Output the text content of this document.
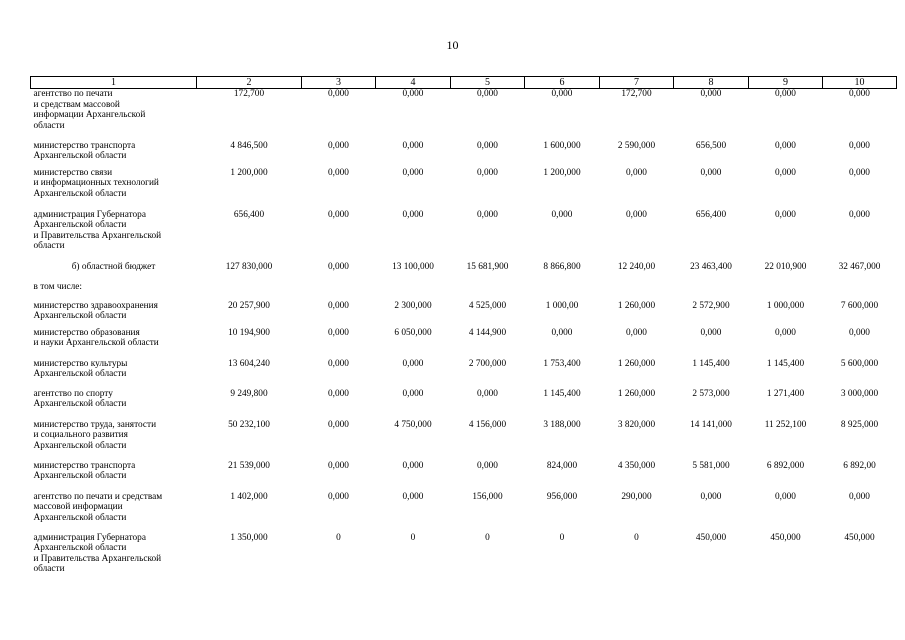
10
1	2	3	4	5	6	7	8	9	10

агентство по печати
и средствам массовой
информации Архангельской
области	172,700	0,000	0,000	0,000	0,000	172,700	0,000	0,000	0,000

министерство транспорта
Архангельской области	4 846,500	0,000	0,000	0,000	1 600,000	2 590,000	656,500	0,000	0,000

министерство связи
и информационных технологий
Архангельской области	1 200,000	0,000	0,000	0,000	1 200,000	0,000	0,000	0,000	0,000

администрация Губернатора
Архангельской области
и Правительства Архангельской
области	656,400	0,000	0,000	0,000	0,000	0,000	656,400	0,000	0,000

б) областной бюджет	127 830,000	0,000	13 100,000	15 681,900	8 866,800	12 240,00	23 463,400	22 010,900	32 467,000

в том числе:									

министерство здравоохранения
Архангельской области	20 257,900	0,000	2 300,000	4 525,000	1 000,00	1 260,000	2 572,900	1 000,000	7 600,000

министерство образования
и науки Архангельской области	10 194,900	0,000	6 050,000	4 144,900	0,000	0,000	0,000	0,000	0,000

министерство культуры
Архангельской области	13 604,240	0,000	0,000	2 700,000	1 753,400	1 260,000	1 145,400	1 145,400	5 600,000

агентство по спорту
Архангельской области	9 249,800	0,000	0,000	0,000	1 145,400	1 260,000	2 573,000	1 271,400	3 000,000

министерство труда, занятости
и социального развития
Архангельской области	50 232,100	0,000	4 750,000	4 156,000	3 188,000	3 820,000	14 141,000	11 252,100	8 925,000

министерство транспорта
Архангельской области	21 539,000	0,000	0,000	0,000	824,000	4 350,000	5 581,000	6 892,000	6 892,00

агентство по печати и средствам
массовой информации
Архангельской области	1 402,000	0,000	0,000	156,000	956,000	290,000	0,000	0,000	0,000

администрация Губернатора
Архангельской области
и Правительства Архангельской
области	1 350,000	0	0	0	0	0	450,000	450,000	450,000
